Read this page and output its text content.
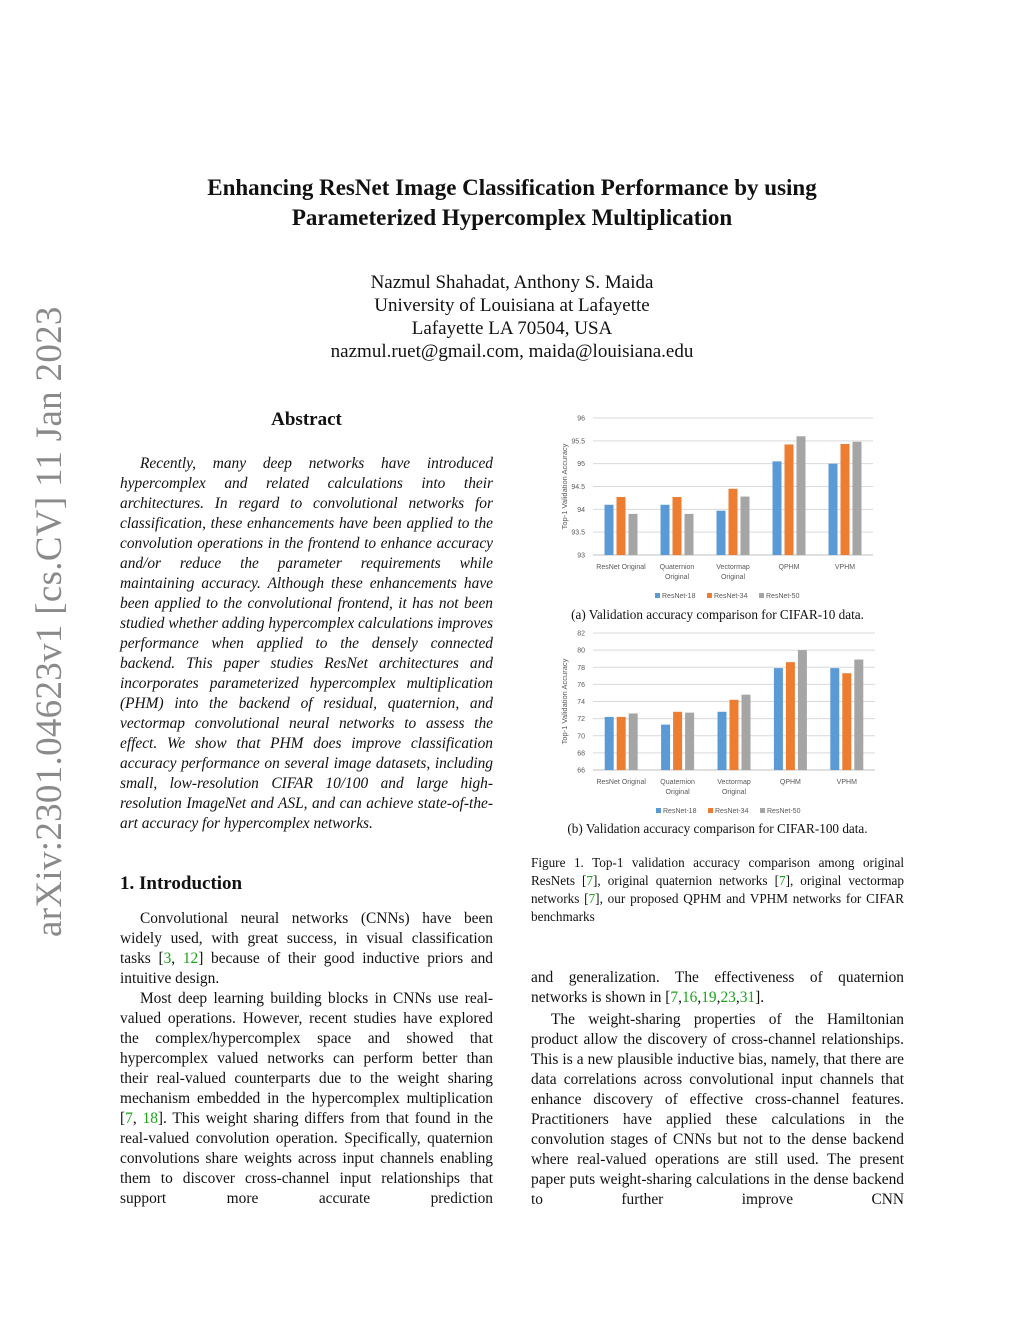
arXiv:2301.04623v1 [cs.CV] 11 Jan 2023
Enhancing ResNet Image Classification Performance by using
Parameterized Hypercomplex Multiplication
Nazmul Shahadat, Anthony S. Maida
University of Louisiana at Lafayette
Lafayette LA 70504, USA
nazmul.ruet@gmail.com, maida@louisiana.edu
Abstract
Recently, many deep networks have introduced hypercomplex and related calculations into their architectures. In regard to convolutional networks for classification, these enhancements have been applied to the convolution operations in the frontend to enhance accuracy and/or reduce the parameter requirements while maintaining accuracy. Although these enhancements have been applied to the convolutional frontend, it has not been studied whether adding hypercomplex calculations improves performance when applied to the densely connected backend. This paper studies ResNet architectures and incorporates parameterized hypercomplex multiplication (PHM) into the backend of residual, quaternion, and vectormap convolutional neural networks to assess the effect. We show that PHM does improve classification accuracy performance on several image datasets, including small, low-resolution CIFAR 10/100 and large high-resolution ImageNet and ASL, and can achieve state-of-the-art accuracy for hypercomplex networks.
1. Introduction

Convolutional neural networks (CNNs) have been widely used, with great success, in visual classification tasks [3, 12] because of their good inductive priors and intuitive design.

Most deep learning building blocks in CNNs use real-valued operations. However, recent studies have explored the complex/hypercomplex space and showed that hypercomplex valued networks can perform better than their real-valued counterparts due to the weight sharing mechanism embedded in the hypercomplex multiplication [7, 18]. This weight sharing differs from that found in the real-valued convolution operation. Specifically, quaternion convolutions share weights across input channels enabling them to discover cross-channel input relationships that support more accurate prediction

93
93.5
94
94.5
95
95.5
96
Top-1 Validation Accuracy
ResNet Original Quaternion
Original
Vectormap
Original
QPHM	VPHM
ResNet-18	ResNet-34	ResNet-50
(a) Validation accuracy comparison for CIFAR-10 data.
66
68
70
72
74
76
78
80
82
Top-1 Validation Accuracy
ResNet Original Quaternion
Original
Vectormap
Original
QPHM	VPHM
ResNet-18	ResNet-34	ResNet-50
(b) Validation accuracy comparison for CIFAR-100 data.
Figure 1. Top-1 validation accuracy comparison among original ResNets [7], original quaternion networks [7], original vectormap networks [7], our proposed QPHM and VPHM networks for CIFAR benchmarks

and generalization. The effectiveness of quaternion networks is shown in [7,16,19,23,31].

The weight-sharing properties of the Hamiltonian product allow the discovery of cross-channel relationships. This is a new plausible inductive bias, namely, that there are data correlations across convolutional input channels that enhance discovery of effective cross-channel features. Practitioners have applied these calculations in the convolution stages of CNNs but not to the dense backend where real-valued operations are still used. The present paper puts weight-sharing calculations in the dense backend to further improve CNN
